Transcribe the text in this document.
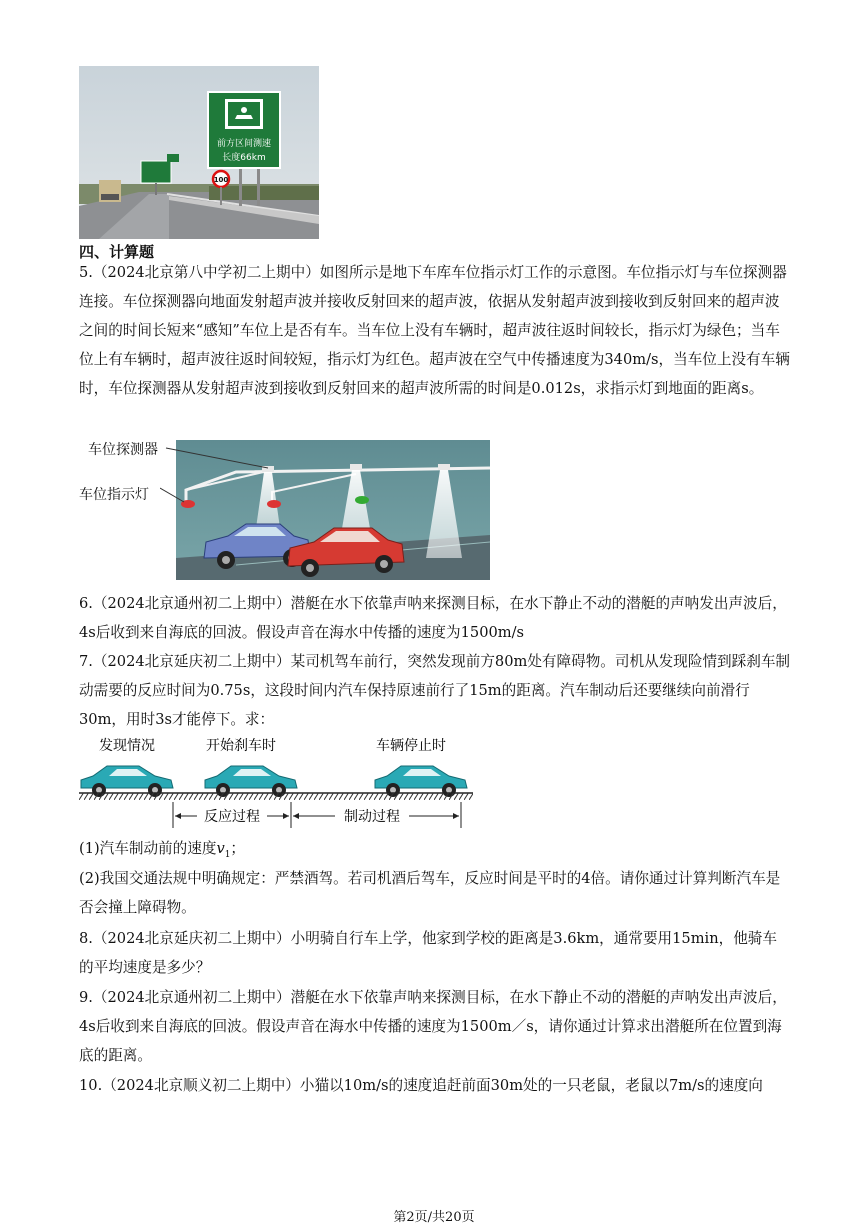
100
前方区间测速
长度66km
四、计算题

5.（2024北京第八中学初二上期中）如图所示是地下车库车位指示灯工作的示意图。车位指示灯与车位探测器连接。车位探测器向地面发射超声波并接收反射回来的超声波，依据从发射超声波到接收到反射回来的超声波之间的时间长短来“感知”车位上是否有车。当车位上没有车辆时，超声波往返时间较长，指示灯为绿色；当车位上有车辆时，超声波往返时间较短，指示灯为红色。超声波在空气中传播速度为340m/s，当车位上没有车辆时，车位探测器从发射超声波到接收到反射回来的超声波所需的时间是0.012s，求指示灯到地面的距离s。

车位探测器
车位指示灯

6.（2024北京通州初二上期中）潜艇在水下依靠声呐来探测目标，在水下静止不动的潜艇的声呐发出声波后，4s后收到来自海底的回波。假设声音在海水中传播的速度为1500m/s

7.（2024北京延庆初二上期中）某司机驾车前行，突然发现前方80m处有障碍物。司机从发现险情到踩刹车制动需要的反应时间为0.75s，这段时间内汽车保持原速前行了15m的距离。汽车制动后还要继续向前滑行30m，用时3s才能停下。求：

发现情况	开始刹车时	车辆停止时
反应过程	制动过程

(1)汽车制动前的速度$v_1$；

(2)我国交通法规中明确规定：严禁酒驾。若司机酒后驾车，反应时间是平时的4倍。请你通过计算判断汽车是否会撞上障碍物。

8.（2024北京延庆初二上期中）小明骑自行车上学，他家到学校的距离是3.6km，通常要用15min，他骑车的平均速度是多少？

9.（2024北京通州初二上期中）潜艇在水下依靠声呐来探测目标，在水下静止不动的潜艇的声呐发出声波后，4s后收到来自海底的回波。假设声音在海水中传播的速度为1500m／s，请你通过计算求出潜艇所在位置到海底的距离。

10.（2024北京顺义初二上期中）小猫以10m/s的速度追赶前面30m处的一只老鼠，老鼠以7m/s的速度向

第2页/共20页
